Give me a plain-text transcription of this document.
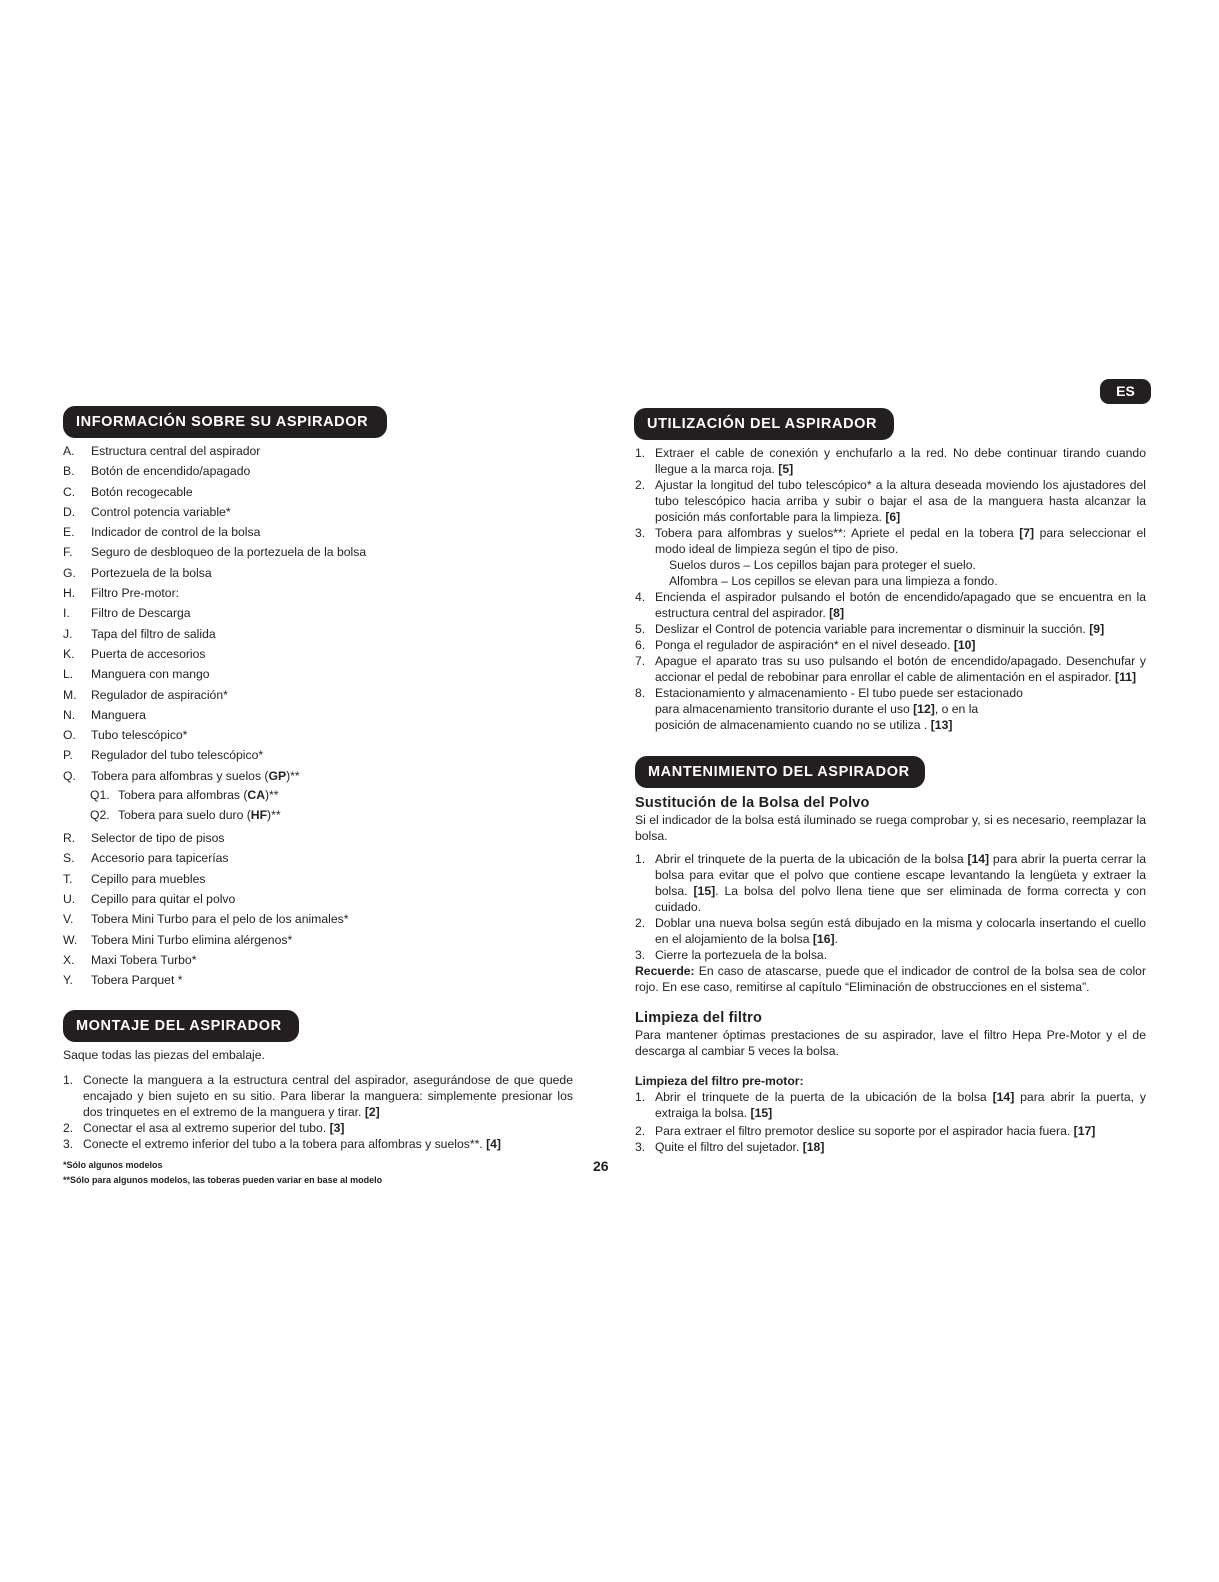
ES
INFORMACIÓN SOBRE SU ASPIRADOR
A.	Estructura central del aspirador
B.	Botón de encendido/apagado
C.	Botón recogecable
D.	Control potencia variable*
E.	Indicador de control de la bolsa
F.	Seguro de desbloqueo de la portezuela de la bolsa
G.	Portezuela de la bolsa
H.	Filtro Pre-motor:
I.	Filtro de Descarga
J.	Tapa del filtro de salida
K.	Puerta de accesorios
L.	Manguera con mango
M.	Regulador de aspiración*
N.	Manguera
O.	Tubo telescópico*
P.	Regulador del tubo telescópico*
Q.	Tobera para alfombras y suelos (GP)**
Q1. Tobera para alfombras (CA)**
Q2. Tobera para suelo duro (HF)**
R.	Selector de tipo de pisos
S.	Accesorio para tapicerías
T.	Cepillo para muebles
U.	Cepillo para quitar el polvo
V.	Tobera Mini Turbo para el pelo de los animales*
W.	Tobera Mini Turbo elimina alérgenos*
X.	Maxi Tobera Turbo*
Y.	Tobera Parquet *
MONTAJE DEL ASPIRADOR
Saque todas las piezas del embalaje.
1. Conecte la manguera a la estructura central del aspirador, asegurándose de que quede encajado y bien sujeto en su sitio. Para liberar la manguera: simplemente presionar los dos trinquetes en el extremo de la manguera y tirar. [2]
2. Conectar el asa al extremo superior del tubo. [3]
3. Conecte el extremo inferior del tubo a la tobera para alfombras y suelos**. [4]
*Sólo algunos modelos
**Sólo para algunos modelos, las toberas pueden variar en base al modelo
26
UTILIZACIÓN DEL ASPIRADOR
1. Extraer el cable de conexión y enchufarlo a la red. No debe continuar tirando cuando llegue a la marca roja. [5]
2. Ajustar la longitud del tubo telescópico* a la altura deseada moviendo los ajustadores del tubo telescópico hacia arriba y subir o bajar el asa de la manguera hasta alcanzar la posición más confortable para la limpieza. [6]
3. Tobera para alfombras y suelos**: Apriete el pedal en la tobera [7] para seleccionar el modo ideal de limpieza según el tipo de piso.
Suelos duros – Los cepillos bajan para proteger el suelo.
Alfombra – Los cepillos se elevan para una limpieza a fondo.
4. Encienda el aspirador pulsando el botón de encendido/apagado que se encuentra en la estructura central del aspirador. [8]
5. Deslizar el Control de potencia variable para incrementar o disminuir la succión. [9]
6. Ponga el regulador de aspiración* en el nivel deseado. [10]
7. Apague el aparato tras su uso pulsando el botón de encendido/apagado. Desenchufar y accionar el pedal de rebobinar para enrollar el cable de alimentación en el aspirador. [11]
8. Estacionamiento y almacenamiento - El tubo puede ser estacionado
para almacenamiento transitorio durante el uso [12], o en la
posición de almacenamiento cuando no se utiliza . [13]
MANTENIMIENTO DEL ASPIRADOR
Sustitución de la Bolsa del Polvo
Si el indicador de la bolsa está iluminado se ruega comprobar y, si es necesario, reemplazar la bolsa.
1. Abrir el trinquete de la puerta de la ubicación de la bolsa [14] para abrir la puerta cerrar la bolsa para evitar que el polvo que contiene escape levantando la lengüeta y extraer la bolsa. [15]. La bolsa del polvo llena tiene que ser eliminada de forma correcta y con cuidado.
2. Doblar una nueva bolsa según está dibujado en la misma y colocarla insertando el cuello en el alojamiento de la bolsa [16].
3. Cierre la portezuela de la bolsa.
Recuerde: En caso de atascarse, puede que el indicador de control de la bolsa sea de color rojo. En ese caso, remitirse al capítulo “Eliminación de obstrucciones en el sistema”.
Limpieza del filtro
Para mantener óptimas prestaciones de su aspirador, lave el filtro Hepa Pre-Motor y el de descarga al cambiar 5 veces la bolsa.
Limpieza del filtro pre-motor:
1. Abrir el trinquete de la puerta de la ubicación de la bolsa [14] para abrir la puerta, y extraiga la bolsa. [15]
2. Para extraer el filtro premotor deslice su soporte por el aspirador hacia fuera. [17]
3. Quite el filtro del sujetador. [18]
